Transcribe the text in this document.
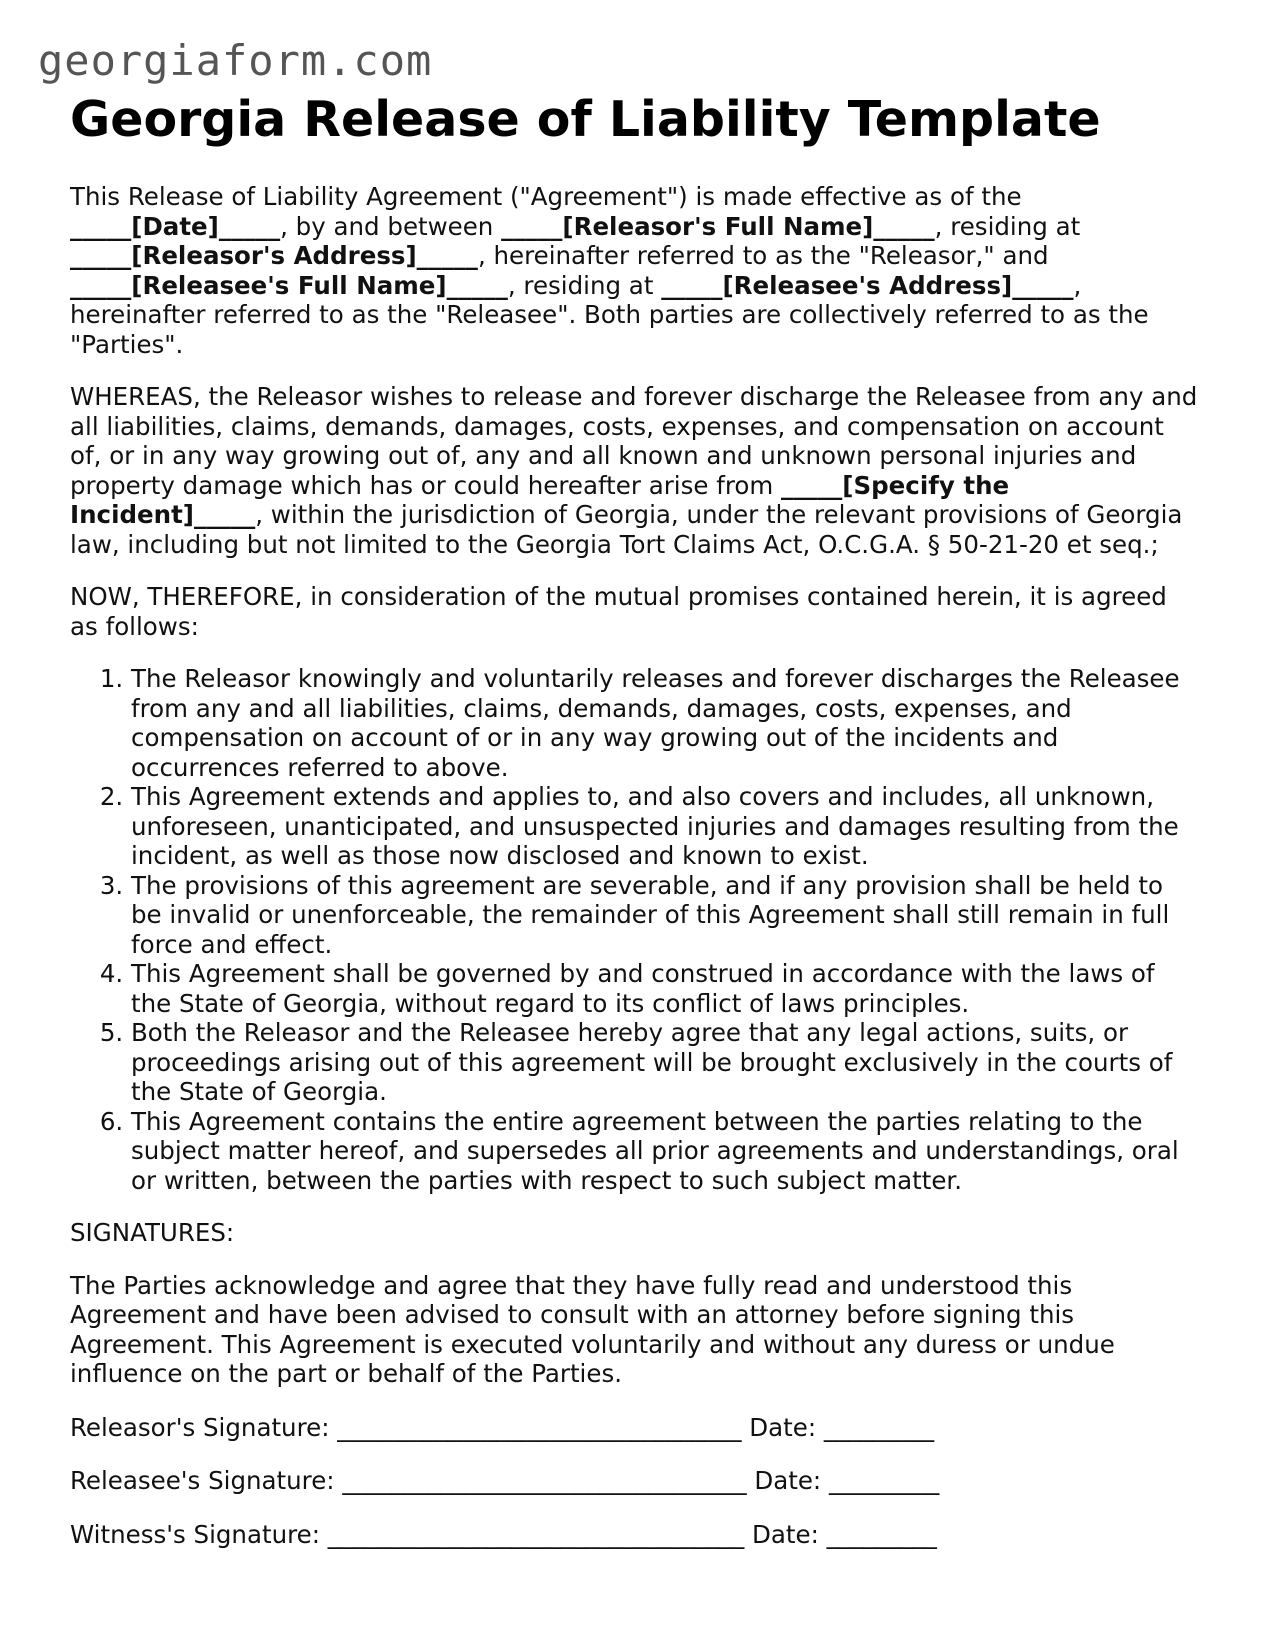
georgiaform.com
Georgia Release of Liability Template

This Release of Liability Agreement ("Agreement") is made effective as of the _____[Date]_____, by and between _____[Releasor's Full Name]_____, residing at _____[Releasor's Address]_____, hereinafter referred to as the "Releasor," and _____[Releasee's Full Name]_____, residing at _____[Releasee's Address]_____, hereinafter referred to as the "Releasee". Both parties are collectively referred to as the "Parties".

WHEREAS, the Releasor wishes to release and forever discharge the Releasee from any and all liabilities, claims, demands, damages, costs, expenses, and compensation on account of, or in any way growing out of, any and all known and unknown personal injuries and property damage which has or could hereafter arise from _____[Specify the Incident]_____, within the jurisdiction of Georgia, under the relevant provisions of Georgia law, including but not limited to the Georgia Tort Claims Act, O.C.G.A. § 50-21-20 et seq.;

NOW, THEREFORE, in consideration of the mutual promises contained herein, it is agreed as follows:

1. The Releasor knowingly and voluntarily releases and forever discharges the Releasee from any and all liabilities, claims, demands, damages, costs, expenses, and compensation on account of or in any way growing out of the incidents and occurrences referred to above.
2. This Agreement extends and applies to, and also covers and includes, all unknown, unforeseen, unanticipated, and unsuspected injuries and damages resulting from the incident, as well as those now disclosed and known to exist.
3. The provisions of this agreement are severable, and if any provision shall be held to be invalid or unenforceable, the remainder of this Agreement shall still remain in full force and effect.
4. This Agreement shall be governed by and construed in accordance with the laws of the State of Georgia, without regard to its conflict of laws principles.
5. Both the Releasor and the Releasee hereby agree that any legal actions, suits, or proceedings arising out of this agreement will be brought exclusively in the courts of the State of Georgia.
6. This Agreement contains the entire agreement between the parties relating to the subject matter hereof, and supersedes all prior agreements and understandings, oral or written, between the parties with respect to such subject matter.

SIGNATURES:

The Parties acknowledge and agree that they have fully read and understood this Agreement and have been advised to consult with an attorney before signing this Agreement. This Agreement is executed voluntarily and without any duress or undue influence on the part or behalf of the Parties.

Releasor's Signature: _________________________________ Date: _________

Releasee's Signature: _________________________________ Date: _________

Witness's Signature: __________________________________ Date: _________
